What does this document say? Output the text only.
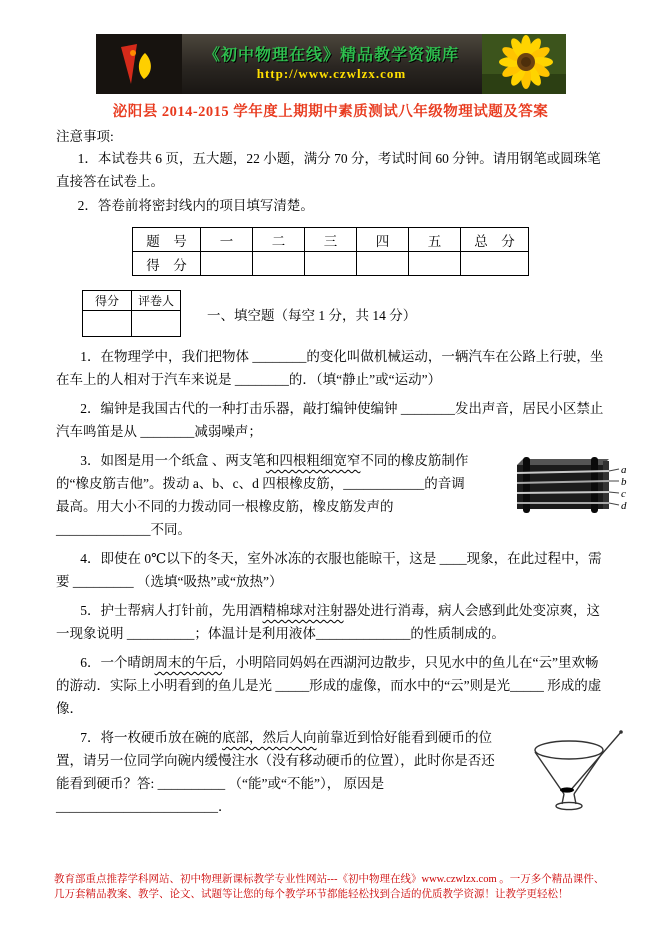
《初中物理在线》精品教学资源库
http://www.czwlzx.com
泌阳县 2014-2015 学年度上期期中素质测试八年级物理试题及答案
注意事项:

1．本试卷共 6 页，五大题，22 小题，满分 70 分，考试时间 60 分钟。请用钢笔或圆珠笔直接答在试卷上。

2．答卷前将密封线内的项目填写清楚。

题　号	一	二	三	四	五	总　分
得　分						
得分	评卷人

一、填空题（每空 1 分，共 14 分）

1．在物理学中，我们把物体 ________的变化叫做机械运动，一辆汽车在公路上行驶，坐在车上的人相对于汽车来说是 ________的．（填“静止”或“运动”）

2．编钟是我国古代的一种打击乐器，敲打编钟使编钟 ________发出声音，居民小区禁止汽车鸣笛是从 ________减弱噪声；

a
b
c
d
3．如图是用一个纸盒 、两支笔和四根粗细宽窄不同的橡皮筋制作的“橡皮筋吉他”。拨动 a、b、c、d 四根橡皮筋，____________的音调最高。用大小不同的力拨动同一根橡皮筋，橡皮筋发声的______________不同。

4．即使在 0℃以下的冬天，室外冰冻的衣服也能晾干，这是 ____现象，在此过程中，需要 _________ （选填“吸热”或“放热”）

5．护士帮病人打针前，先用酒精棉球对注射器处进行消毒，病人会感到此处变凉爽，这一现象说明 __________；体温计是利用液体______________的性质制成的。

6．一个晴朗周末的午后，小明陪同妈妈在西湖河边散步，只见水中的鱼儿在“云”里欢畅的游动．实际上小明看到的鱼儿是光 _____形成的虚像，而水中的“云”则是光_____ 形成的虚像．

7．将一枚硬币放在碗的底部，然后人向前靠近到恰好能看到硬币的位置，请另一位同学向碗内缓慢注水（没有移动硬币的位置），此时你是否还能看到硬币？答: __________ （“能”或“不能”）， 原因是________________________．

教育部重点推荐学科网站、初中物理新课标教学专业性网站---《初中物理在线》www.czwlzx.com 。一万多个精品课件、
几万套精品教案、教学、论文、试题等让您的每个教学环节都能轻松找到合适的优质教学资源！让教学更轻松！
